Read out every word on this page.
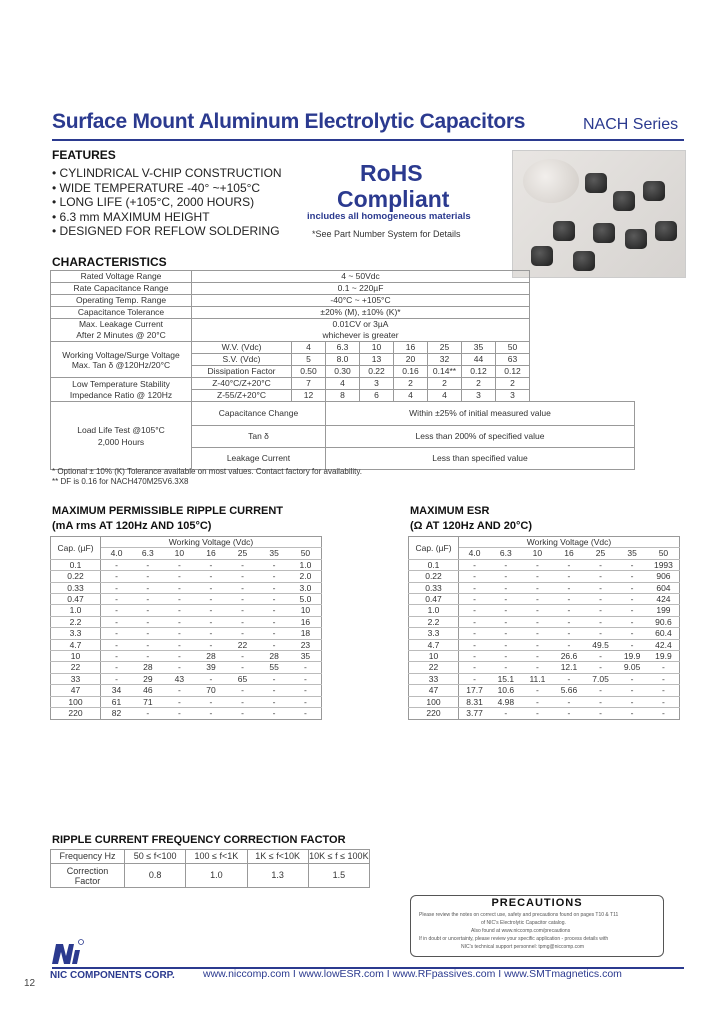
Surface Mount Aluminum Electrolytic Capacitors	NACH Series
FEATURES
• CYLINDRICAL V-CHIP CONSTRUCTION
• WIDE TEMPERATURE -40° ~+105°C
• LONG LIFE (+105°C, 2000 HOURS)
• 6.3 mm MAXIMUM HEIGHT
• DESIGNED FOR REFLOW SOLDERING
RoHS
Compliant
includes all homogeneous materials
*See Part Number System for Details
CHARACTERISTICS
Rated Voltage Range	4 ~ 50Vdc								
Rate Capacitance Range	0.1 ~ 220µF								
Operating Temp. Range	-40°C ~ +105°C								
Capacitance Tolerance	±20% (M), ±10% (K)*								
Max. Leakage Current	0.01CV or 3µA								
After 2 Minutes @ 20°C	whichever is greater								
Working Voltage/Surge Voltage
Max. Tan δ @120Hz/20°C	W.V. (Vdc)	4	6.3	10	16	25	35	50	
	S.V. (Vdc)	5	8.0	13	20	32	44	63	
	Dissipation Factor	0.50	0.30	0.22	0.16	0.14**	0.12	0.12	
Low Temperature Stability
Impedance Ratio @ 120Hz	Z-40°C/Z+20°C	7	4	3	2	2	2	2	
	Z-55/Z+20°C	12	8	6	4	4	3	3	
Load Life Test @105°C
2,000 Hours	Capacitance Change		Within ±25% of initial measured value						
	Tan δ		Less than 200% of specified value						
	Leakage Current		Less than specified value						
* Optional ± 10% (K) Tolerance available on most values. Contact factory for availability.
** DF is 0.16 for NACH470M25V6.3X8
MAXIMUM PERMISSIBLE RIPPLE CURRENT
(mA rms AT 120Hz AND 105°C)
Cap. (µF)	Working Voltage (Vdc)						
	4.0	6.3	10	16	25	35	50
0.1	-	-	-	-	-	-	1.0
0.22	-	-	-	-	-	-	2.0
0.33	-	-	-	-	-	-	3.0
0.47	-	-	-	-	-	-	5.0
1.0	-	-	-	-	-	-	10
2.2	-	-	-	-	-	-	16
3.3	-	-	-	-	-	-	18
4.7	-	-	-	-	22	-	23
10	-	-	-	28	-	28	35
22	-	28	-	39	-	55	-
33	-	29	43	-	65	-	-
47	34	46	-	70	-	-	-
100	61	71	-	-	-	-	-
220	82	-	-	-	-	-	-
MAXIMUM ESR
(Ω AT 120Hz AND 20°C)
Cap. (µF)	Working Voltage (Vdc)						
	4.0	6.3	10	16	25	35	50
0.1	-	-	-	-	-	-	1993
0.22	-	-	-	-	-	-	906
0.33	-	-	-	-	-	-	604
0.47	-	-	-	-	-	-	424
1.0	-	-	-	-	-	-	199
2.2	-	-	-	-	-	-	90.6
3.3	-	-	-	-	-	-	60.4
4.7	-	-	-	-	49.5	-	42.4
10	-	-	-	26.6	-	19.9	19.9
22	-	-	-	12.1	-	9.05	-
33	-	15.1	11.1	-	7.05	-	-
47	17.7	10.6	-	5.66	-	-	-
100	8.31	4.98	-	-	-	-	-
220	3.77	-	-	-	-	-	-
RIPPLE CURRENT FREQUENCY CORRECTION FACTOR
Frequency Hz	50 ≤ f<100	100 ≤ f<1K	1K ≤ f<10K	10K ≤ f ≤ 100K
Correction
Factor	0.8	1.0	1.3	1.5
PRECAUTIONS
Please review the notes on correct use, safety and precautions found on pages T10 & T11
of NIC's Electrolytic Capacitor catalog.
Also found at www.niccomp.com/precautions
If in doubt or uncertainty, please review your specific application - process details with
NIC's technical support personnel: tpmg@niccomp.com
NIC COMPONENTS CORP.	www.niccomp.com I www.lowESR.com I www.RFpassives.com I www.SMTmagnetics.com
12
